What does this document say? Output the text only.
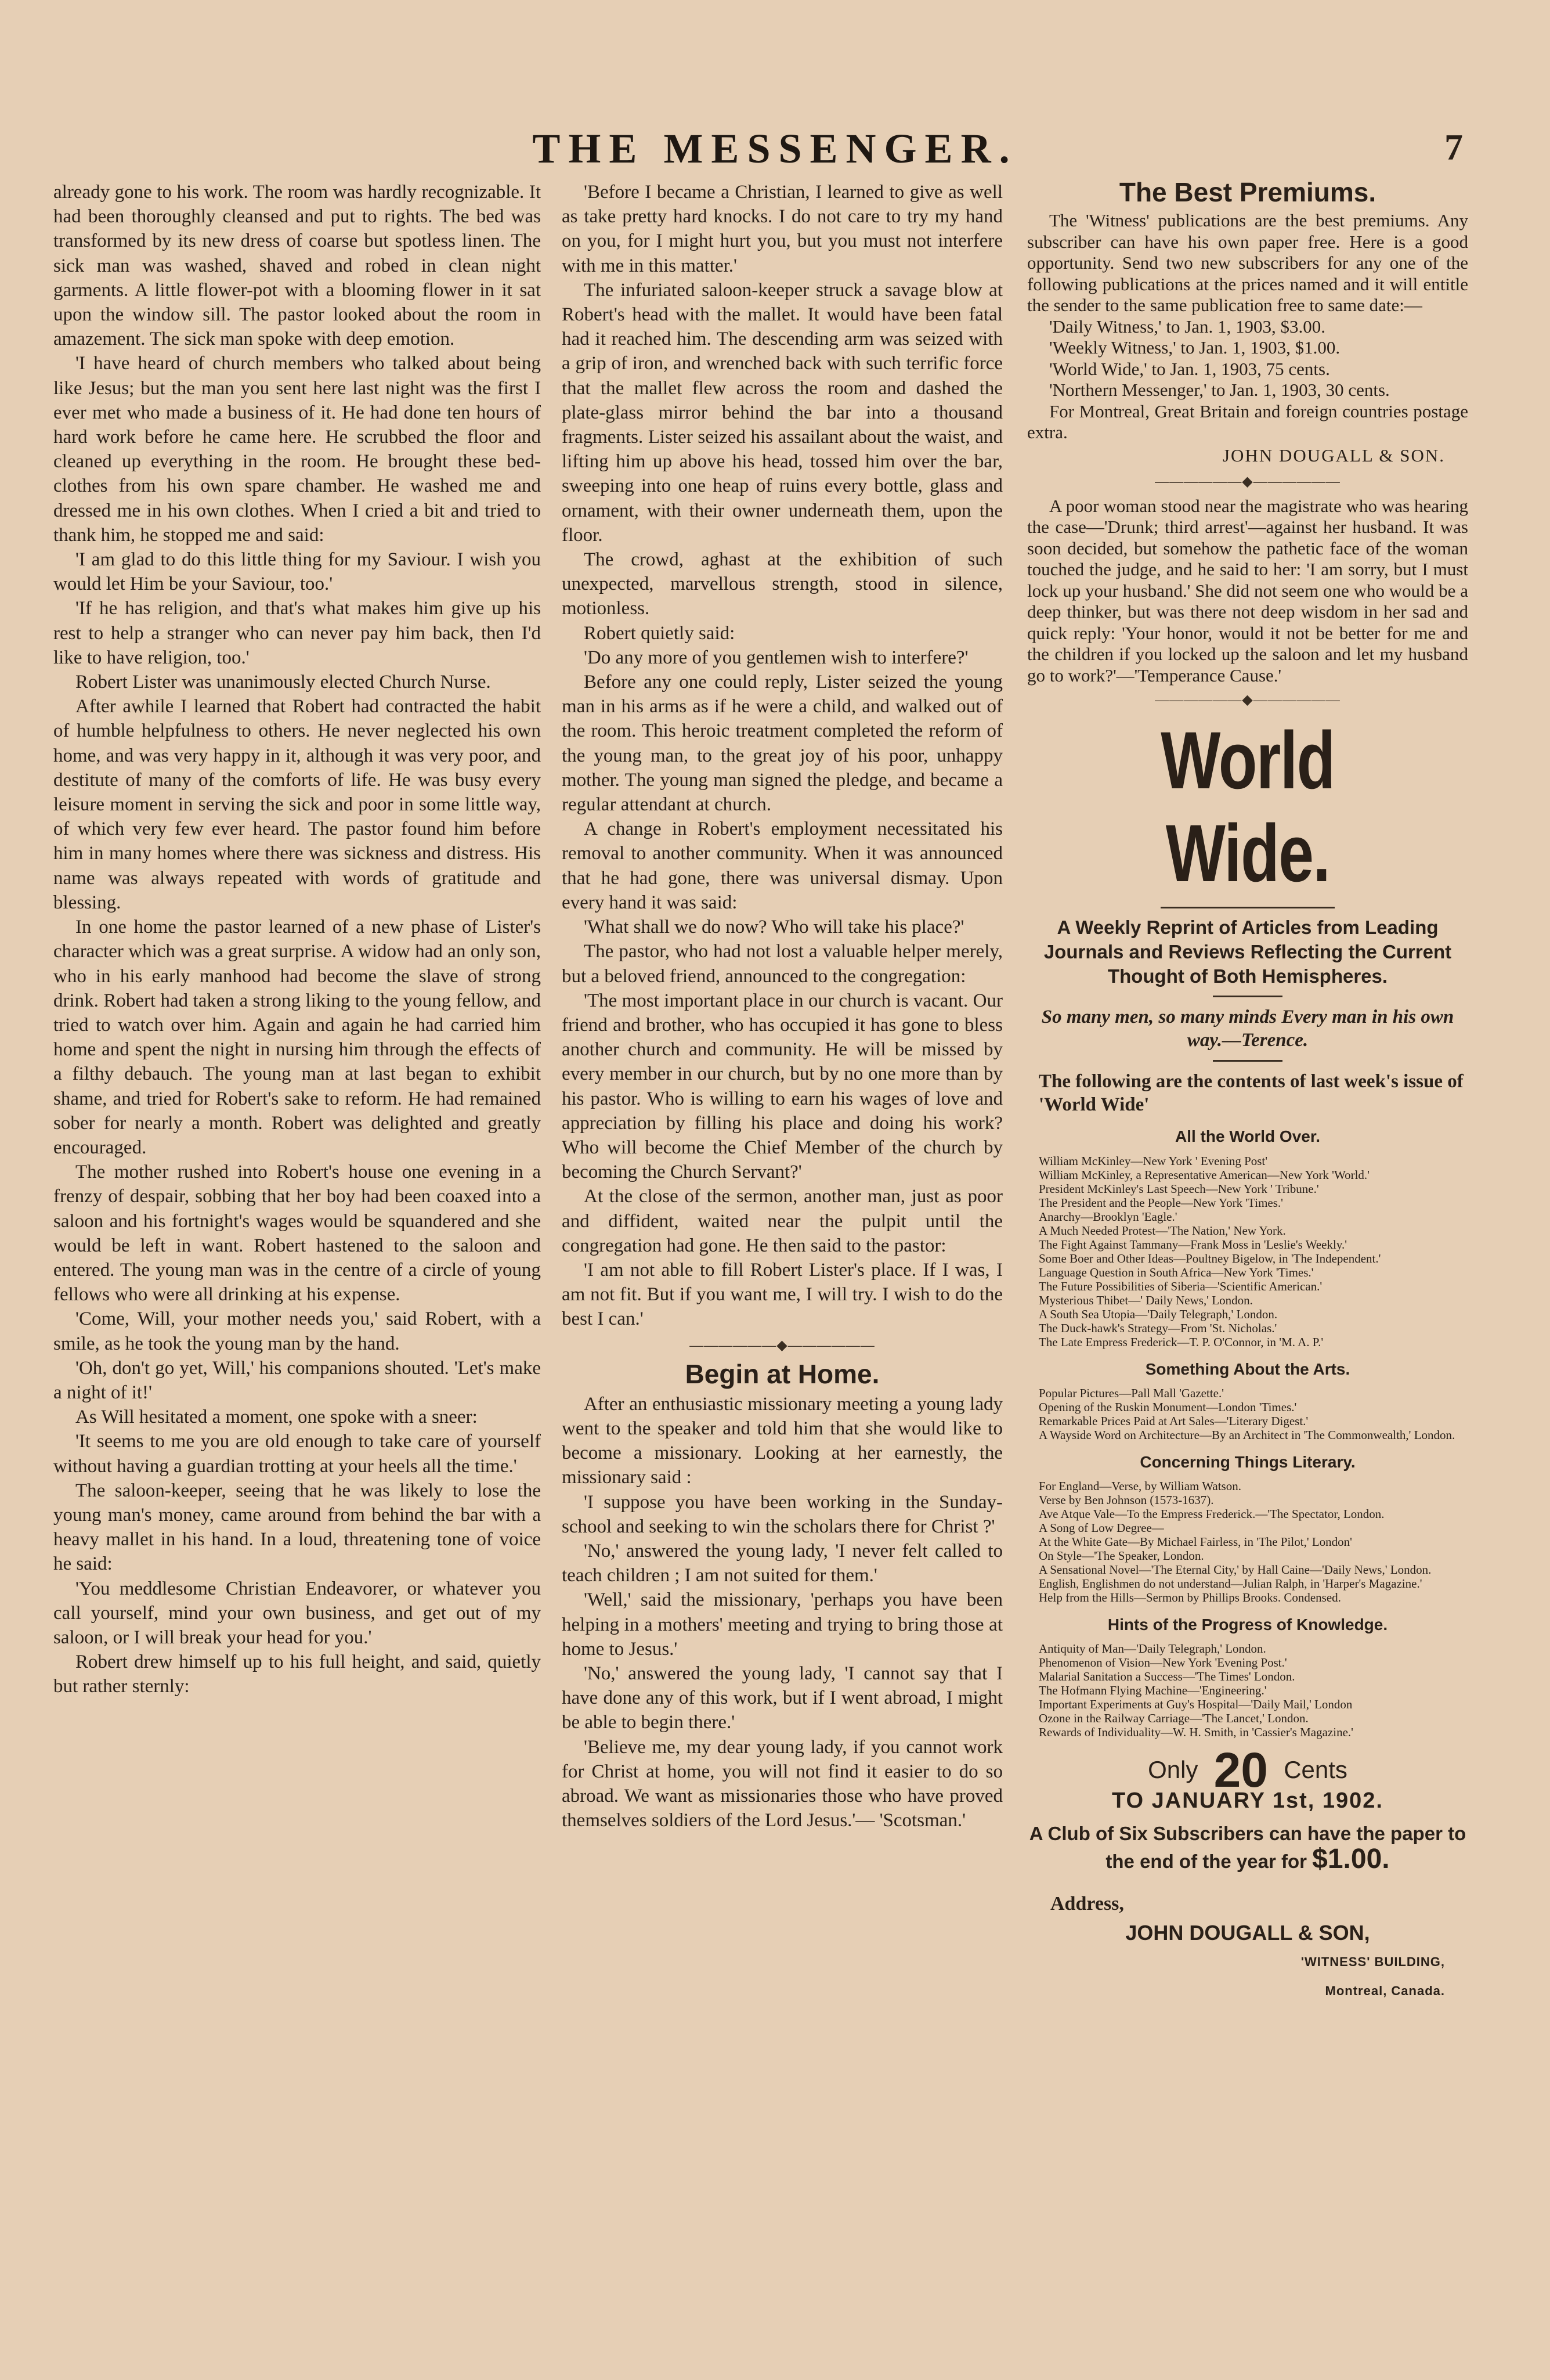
THE MESSENGER.	7

already gone to his work. The room was hardly recognizable. It had been thoroughly cleansed and put to rights. The bed was transformed by its new dress of coarse but spotless linen. The sick man was washed, shaved and robed in clean night garments. A little flower-pot with a blooming flower in it sat upon the window sill. The pastor looked about the room in amazement. The sick man spoke with deep emotion.

'I have heard of church members who talked about being like Jesus; but the man you sent here last night was the first I ever met who made a business of it. He had done ten hours of hard work before he came here. He scrubbed the floor and cleaned up everything in the room. He brought these bed-clothes from his own spare chamber. He washed me and dressed me in his own clothes. When I cried a bit and tried to thank him, he stopped me and said:

'I am glad to do this little thing for my Saviour. I wish you would let Him be your Saviour, too.'

'If he has religion, and that's what makes him give up his rest to help a stranger who can never pay him back, then I'd like to have religion, too.'

Robert Lister was unanimously elected Church Nurse.

After awhile I learned that Robert had contracted the habit of humble helpfulness to others. He never neglected his own home, and was very happy in it, although it was very poor, and destitute of many of the comforts of life. He was busy every leisure moment in serving the sick and poor in some little way, of which very few ever heard. The pastor found him before him in many homes where there was sickness and distress. His name was always repeated with words of gratitude and blessing.

In one home the pastor learned of a new phase of Lister's character which was a great surprise. A widow had an only son, who in his early manhood had become the slave of strong drink. Robert had taken a strong liking to the young fellow, and tried to watch over him. Again and again he had carried him home and spent the night in nursing him through the effects of a filthy debauch. The young man at last began to exhibit shame, and tried for Robert's sake to reform. He had remained sober for nearly a month. Robert was delighted and greatly encouraged.

The mother rushed into Robert's house one evening in a frenzy of despair, sobbing that her boy had been coaxed into a saloon and his fortnight's wages would be squandered and she would be left in want. Robert hastened to the saloon and entered. The young man was in the centre of a circle of young fellows who were all drinking at his expense.

'Come, Will, your mother needs you,' said Robert, with a smile, as he took the young man by the hand.

'Oh, don't go yet, Will,' his companions shouted. 'Let's make a night of it!'

As Will hesitated a moment, one spoke with a sneer:

'It seems to me you are old enough to take care of yourself without having a guardian trotting at your heels all the time.'

The saloon-keeper, seeing that he was likely to lose the young man's money, came around from behind the bar with a heavy mallet in his hand. In a loud, threatening tone of voice he said:

'You meddlesome Christian Endeavorer, or whatever you call yourself, mind your own business, and get out of my saloon, or I will break your head for you.'

Robert drew himself up to his full height, and said, quietly but rather sternly:

'Before I became a Christian, I learned to give as well as take pretty hard knocks. I do not care to try my hand on you, for I might hurt you, but you must not interfere with me in this matter.'

The infuriated saloon-keeper struck a savage blow at Robert's head with the mallet. It would have been fatal had it reached him. The descending arm was seized with a grip of iron, and wrenched back with such terrific force that the mallet flew across the room and dashed the plate-glass mirror behind the bar into a thousand fragments. Lister seized his assailant about the waist, and lifting him up above his head, tossed him over the bar, sweeping into one heap of ruins every bottle, glass and ornament, with their owner underneath them, upon the floor.

The crowd, aghast at the exhibition of such unexpected, marvellous strength, stood in silence, motionless.

Robert quietly said:

'Do any more of you gentlemen wish to interfere?'

Before any one could reply, Lister seized the young man in his arms as if he were a child, and walked out of the room. This heroic treatment completed the reform of the young man, to the great joy of his poor, unhappy mother. The young man signed the pledge, and became a regular attendant at church.

A change in Robert's employment necessitated his removal to another community. When it was announced that he had gone, there was universal dismay. Upon every hand it was said:

'What shall we do now? Who will take his place?'

The pastor, who had not lost a valuable helper merely, but a beloved friend, announced to the congregation:

'The most important place in our church is vacant. Our friend and brother, who has occupied it has gone to bless another church and community. He will be missed by every member in our church, but by no one more than by his pastor. Who is willing to earn his wages of love and appreciation by filling his place and doing his work? Who will become the Chief Member of the church by becoming the Church Servant?'

At the close of the sermon, another man, just as poor and diffident, waited near the pulpit until the congregation had gone. He then said to the pastor:

'I am not able to fill Robert Lister's place. If I was, I am not fit. But if you want me, I will try. I wish to do the best I can.'

――――――◆――――――
Begin at Home.

After an enthusiastic missionary meeting a young lady went to the speaker and told him that she would like to become a missionary. Looking at her earnestly, the missionary said :

'I suppose you have been working in the Sunday-school and seeking to win the scholars there for Christ ?'

'No,' answered the young lady, 'I never felt called to teach children ; I am not suited for them.'

'Well,' said the missionary, 'perhaps you have been helping in a mothers' meeting and trying to bring those at home to Jesus.'

'No,' answered the young lady, 'I cannot say that I have done any of this work, but if I went abroad, I might be able to begin there.'

'Believe me, my dear young lady, if you cannot work for Christ at home, you will not find it easier to do so abroad. We want as missionaries those who have proved themselves soldiers of the Lord Jesus.'— 'Scotsman.'

The Best Premiums.

The 'Witness' publications are the best premiums. Any subscriber can have his own paper free. Here is a good opportunity. Send two new subscribers for any one of the following publications at the prices named and it will entitle the sender to the same publication free to same date:—

'Daily Witness,' to Jan. 1, 1903, $3.00.

'Weekly Witness,' to Jan. 1, 1903, $1.00.

'World Wide,' to Jan. 1, 1903, 75 cents.

'Northern Messenger,' to Jan. 1, 1903, 30 cents.

For Montreal, Great Britain and foreign countries postage extra.

JOHN DOUGALL & SON.

――――――◆――――――

A poor woman stood near the magistrate who was hearing the case—'Drunk; third arrest'—against her husband. It was soon decided, but somehow the pathetic face of the woman touched the judge, and he said to her: 'I am sorry, but I must lock up your husband.' She did not seem one who would be a deep thinker, but was there not deep wisdom in her sad and quick reply: 'Your honor, would it not be better for me and the children if you locked up the saloon and let my husband go to work?'—'Temperance Cause.'

――――――◆――――――
World Wide.
A Weekly Reprint of Articles from Leading Journals and Reviews Reflecting the Current Thought of Both Hemispheres.
So many men, so many minds Every man in his own way.—Terence.
The following are the contents of last week's issue of 'World Wide'
All the World Over.
William McKinley—New York ' Evening Post'
William McKinley, a Representative American—New York 'World.'
President McKinley's Last Speech—New York ' Tribune.'
The President and the People—New York 'Times.'
Anarchy—Brooklyn 'Eagle.'
A Much Needed Protest—'The Nation,' New York.
The Fight Against Tammany—Frank Moss in 'Leslie's Weekly.'
Some Boer and Other Ideas—Poultney Bigelow, in 'The Independent.'
Language Question in South Africa—New York 'Times.'
The Future Possibilities of Siberia—'Scientific American.'
Mysterious Thibet—' Daily News,' London.
A South Sea Utopia—'Daily Telegraph,' London.
The Duck-hawk's Strategy—From 'St. Nicholas.'
The Late Empress Frederick—T. P. O'Connor, in 'M. A. P.'
Something About the Arts.
Popular Pictures—Pall Mall 'Gazette.'
Opening of the Ruskin Monument—London 'Times.'
Remarkable Prices Paid at Art Sales—'Literary Digest.'
A Wayside Word on Architecture—By an Architect in 'The Commonwealth,' London.
Concerning Things Literary.
For England—Verse, by William Watson.
Verse by Ben Johnson (1573-1637).
Ave Atque Vale—To the Empress Frederick.—'The Spectator, London.
A Song of Low Degree—
At the White Gate—By Michael Fairless, in 'The Pilot,' London'
On Style—'The Speaker, London.
A Sensational Novel—'The Eternal City,' by Hall Caine—'Daily News,' London.
English, Englishmen do not understand—Julian Ralph, in 'Harper's Magazine.'
Help from the Hills—Sermon by Phillips Brooks. Condensed.
Hints of the Progress of Knowledge.
Antiquity of Man—'Daily Telegraph,' London.
Phenomenon of Vision—New York 'Evening Post.'
Malarial Sanitation a Success—'The Times' London.
The Hofmann Flying Machine—'Engineering.'
Important Experiments at Guy's Hospital—'Daily Mail,' London
Ozone in the Railway Carriage—'The Lancet,' London.
Rewards of Individuality—W. H. Smith, in 'Cassier's Magazine.'
Only 20 Cents
TO JANUARY 1st, 1902.
A Club of Six Subscribers can have the paper to the end of the year for $1.00.
Address,
JOHN DOUGALL & SON,
'WITNESS' BUILDING,
Montreal, Canada.
